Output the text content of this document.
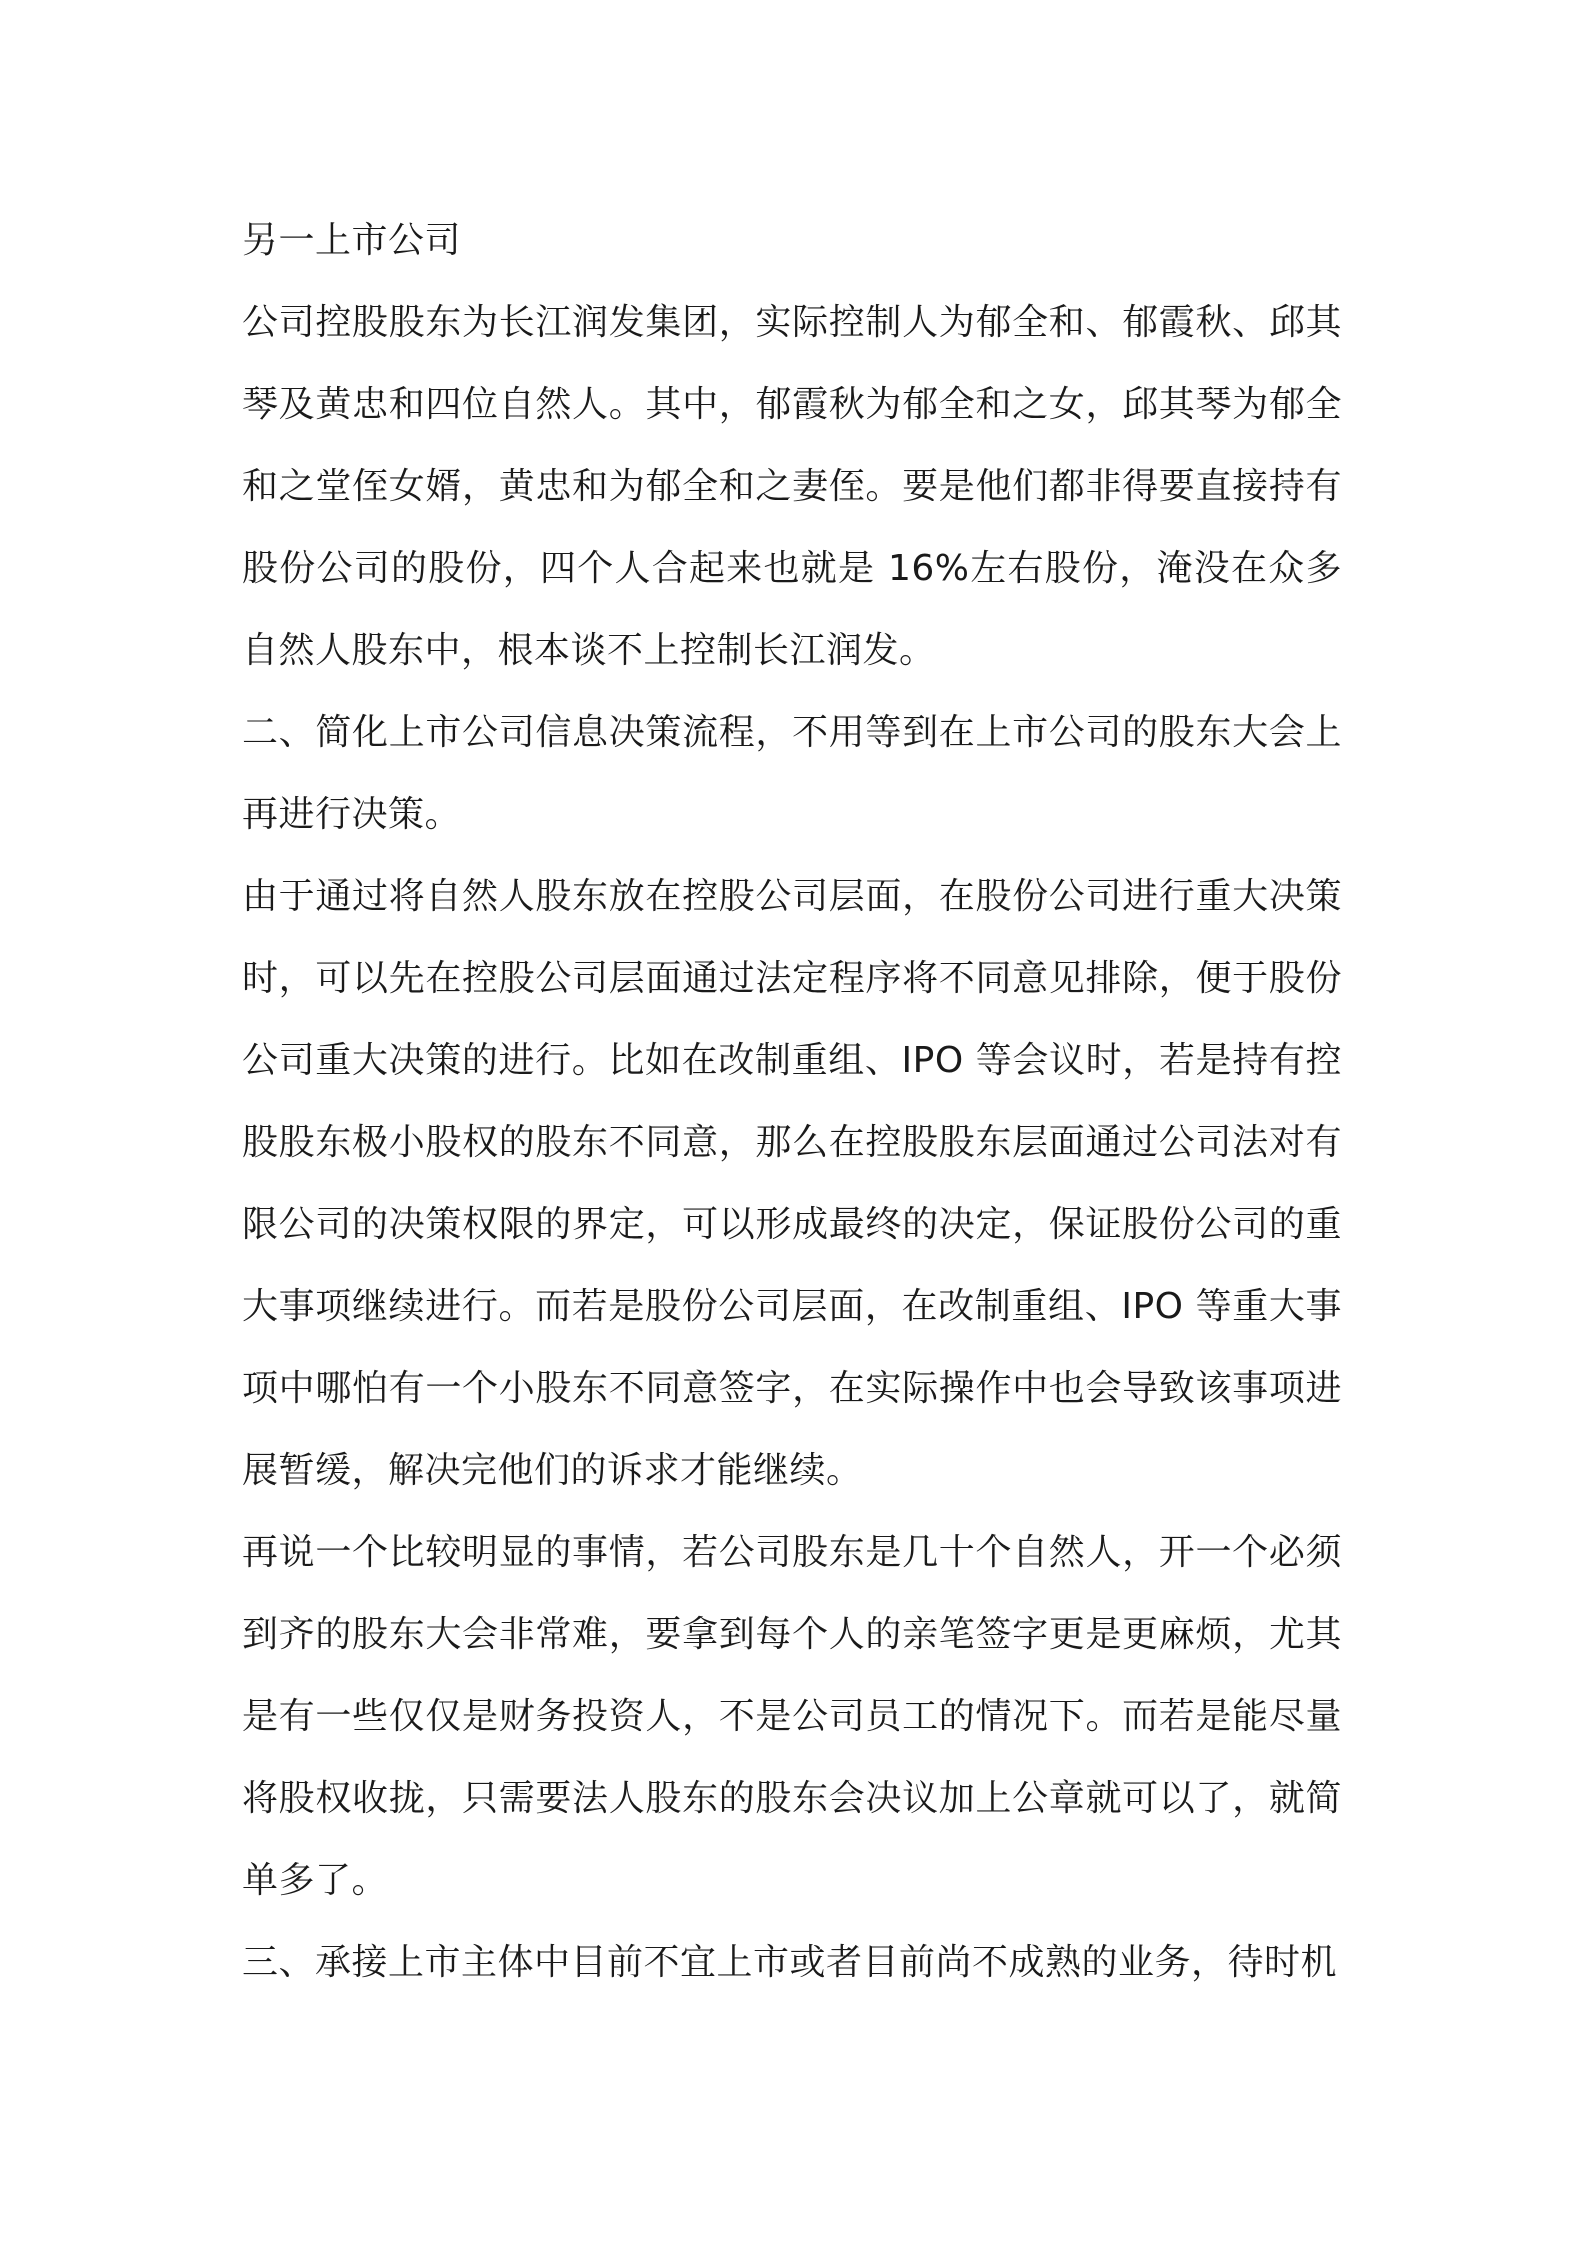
另一上市公司

公司控股股东为长江润发集团，实际控制人为郁全和、郁霞秋、邱其琴及黄忠和四位自然人。其中，郁霞秋为郁全和之女，邱其琴为郁全和之堂侄女婿，黄忠和为郁全和之妻侄。要是他们都非得要直接持有股份公司的股份，四个人合起来也就是 16%左右股份，淹没在众多自然人股东中，根本谈不上控制长江润发。

二、简化上市公司信息决策流程，不用等到在上市公司的股东大会上再进行决策。

由于通过将自然人股东放在控股公司层面，在股份公司进行重大决策时，可以先在控股公司层面通过法定程序将不同意见排除，便于股份公司重大决策的进行。比如在改制重组、IPO 等会议时，若是持有控股股东极小股权的股东不同意，那么在控股股东层面通过公司法对有限公司的决策权限的界定，可以形成最终的决定，保证股份公司的重大事项继续进行。而若是股份公司层面，在改制重组、IPO 等重大事项中哪怕有一个小股东不同意签字，在实际操作中也会导致该事项进展暂缓，解决完他们的诉求才能继续。

再说一个比较明显的事情，若公司股东是几十个自然人，开一个必须到齐的股东大会非常难，要拿到每个人的亲笔签字更是更麻烦，尤其是有一些仅仅是财务投资人，不是公司员工的情况下。而若是能尽量将股权收拢，只需要法人股东的股东会决议加上公章就可以了，就简单多了。

三、承接上市主体中目前不宜上市或者目前尚不成熟的业务，待时机
